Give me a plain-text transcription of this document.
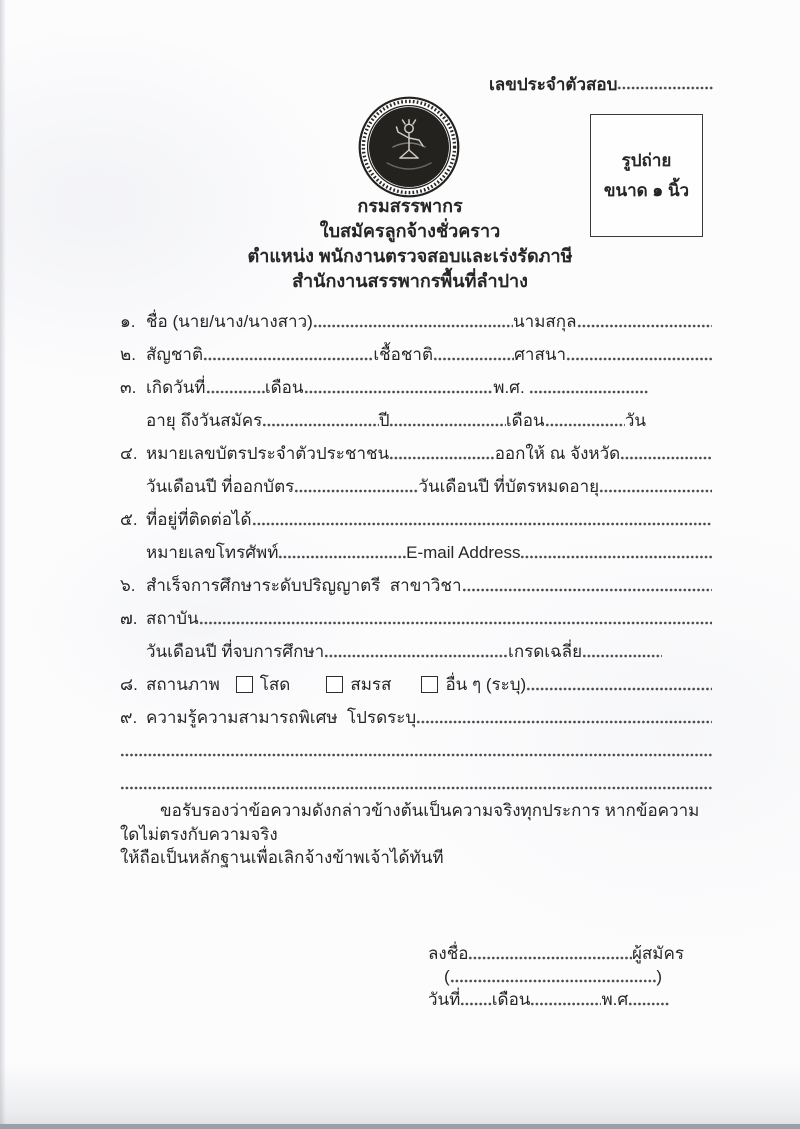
เลขประจำตัวสอบ
รูปถ่าย
ขนาด ๑ นิ้ว
กรมสรรพากร
ใบสมัครลูกจ้างชั่วคราว
ตำแหน่ง พนักงานตรวจสอบและเร่งรัดภาษี
สำนักงานสรรพากรพื้นที่ลำปาง
๑. ชื่อ (นาย/นาง/นางสาว)	นามสกุล
๒. สัญชาติ	เชื้อชาติ	ศาสนา
๓. เกิดวันที่	เดือน	พ.ศ.
อายุ ถึงวันสมัคร	ปี	เดือน	วัน
๔. หมายเลขบัตรประจำตัวประชาชน	ออกให้ ณ จังหวัด
วันเดือนปี ที่ออกบัตร	วันเดือนปี ที่บัตรหมดอายุ
๕. ที่อยู่ที่ติดต่อได้
หมายเลขโทรศัพท์	E-mail Address
๖. สำเร็จการศึกษาระดับปริญญาตรี  สาขาวิชา
๗. สถาบัน
วันเดือนปี ที่จบการศึกษา	เกรดเฉลี่ย
๘. สถานภาพ โสด	สมรส	อื่น ๆ (ระบุ)
๙. ความรู้ความสามารถพิเศษ  โปรดระบุ
ขอรับรองว่าข้อความดังกล่าวข้างต้นเป็นความจริงทุกประการ หากข้อความใดไม่ตรงกับความจริง
ให้ถือเป็นหลักฐานเพื่อเลิกจ้างข้าพเจ้าได้ทันที
ลงชื่อ	ผู้สมัคร
(	)
วันที่ เดือน	พ.ศ
